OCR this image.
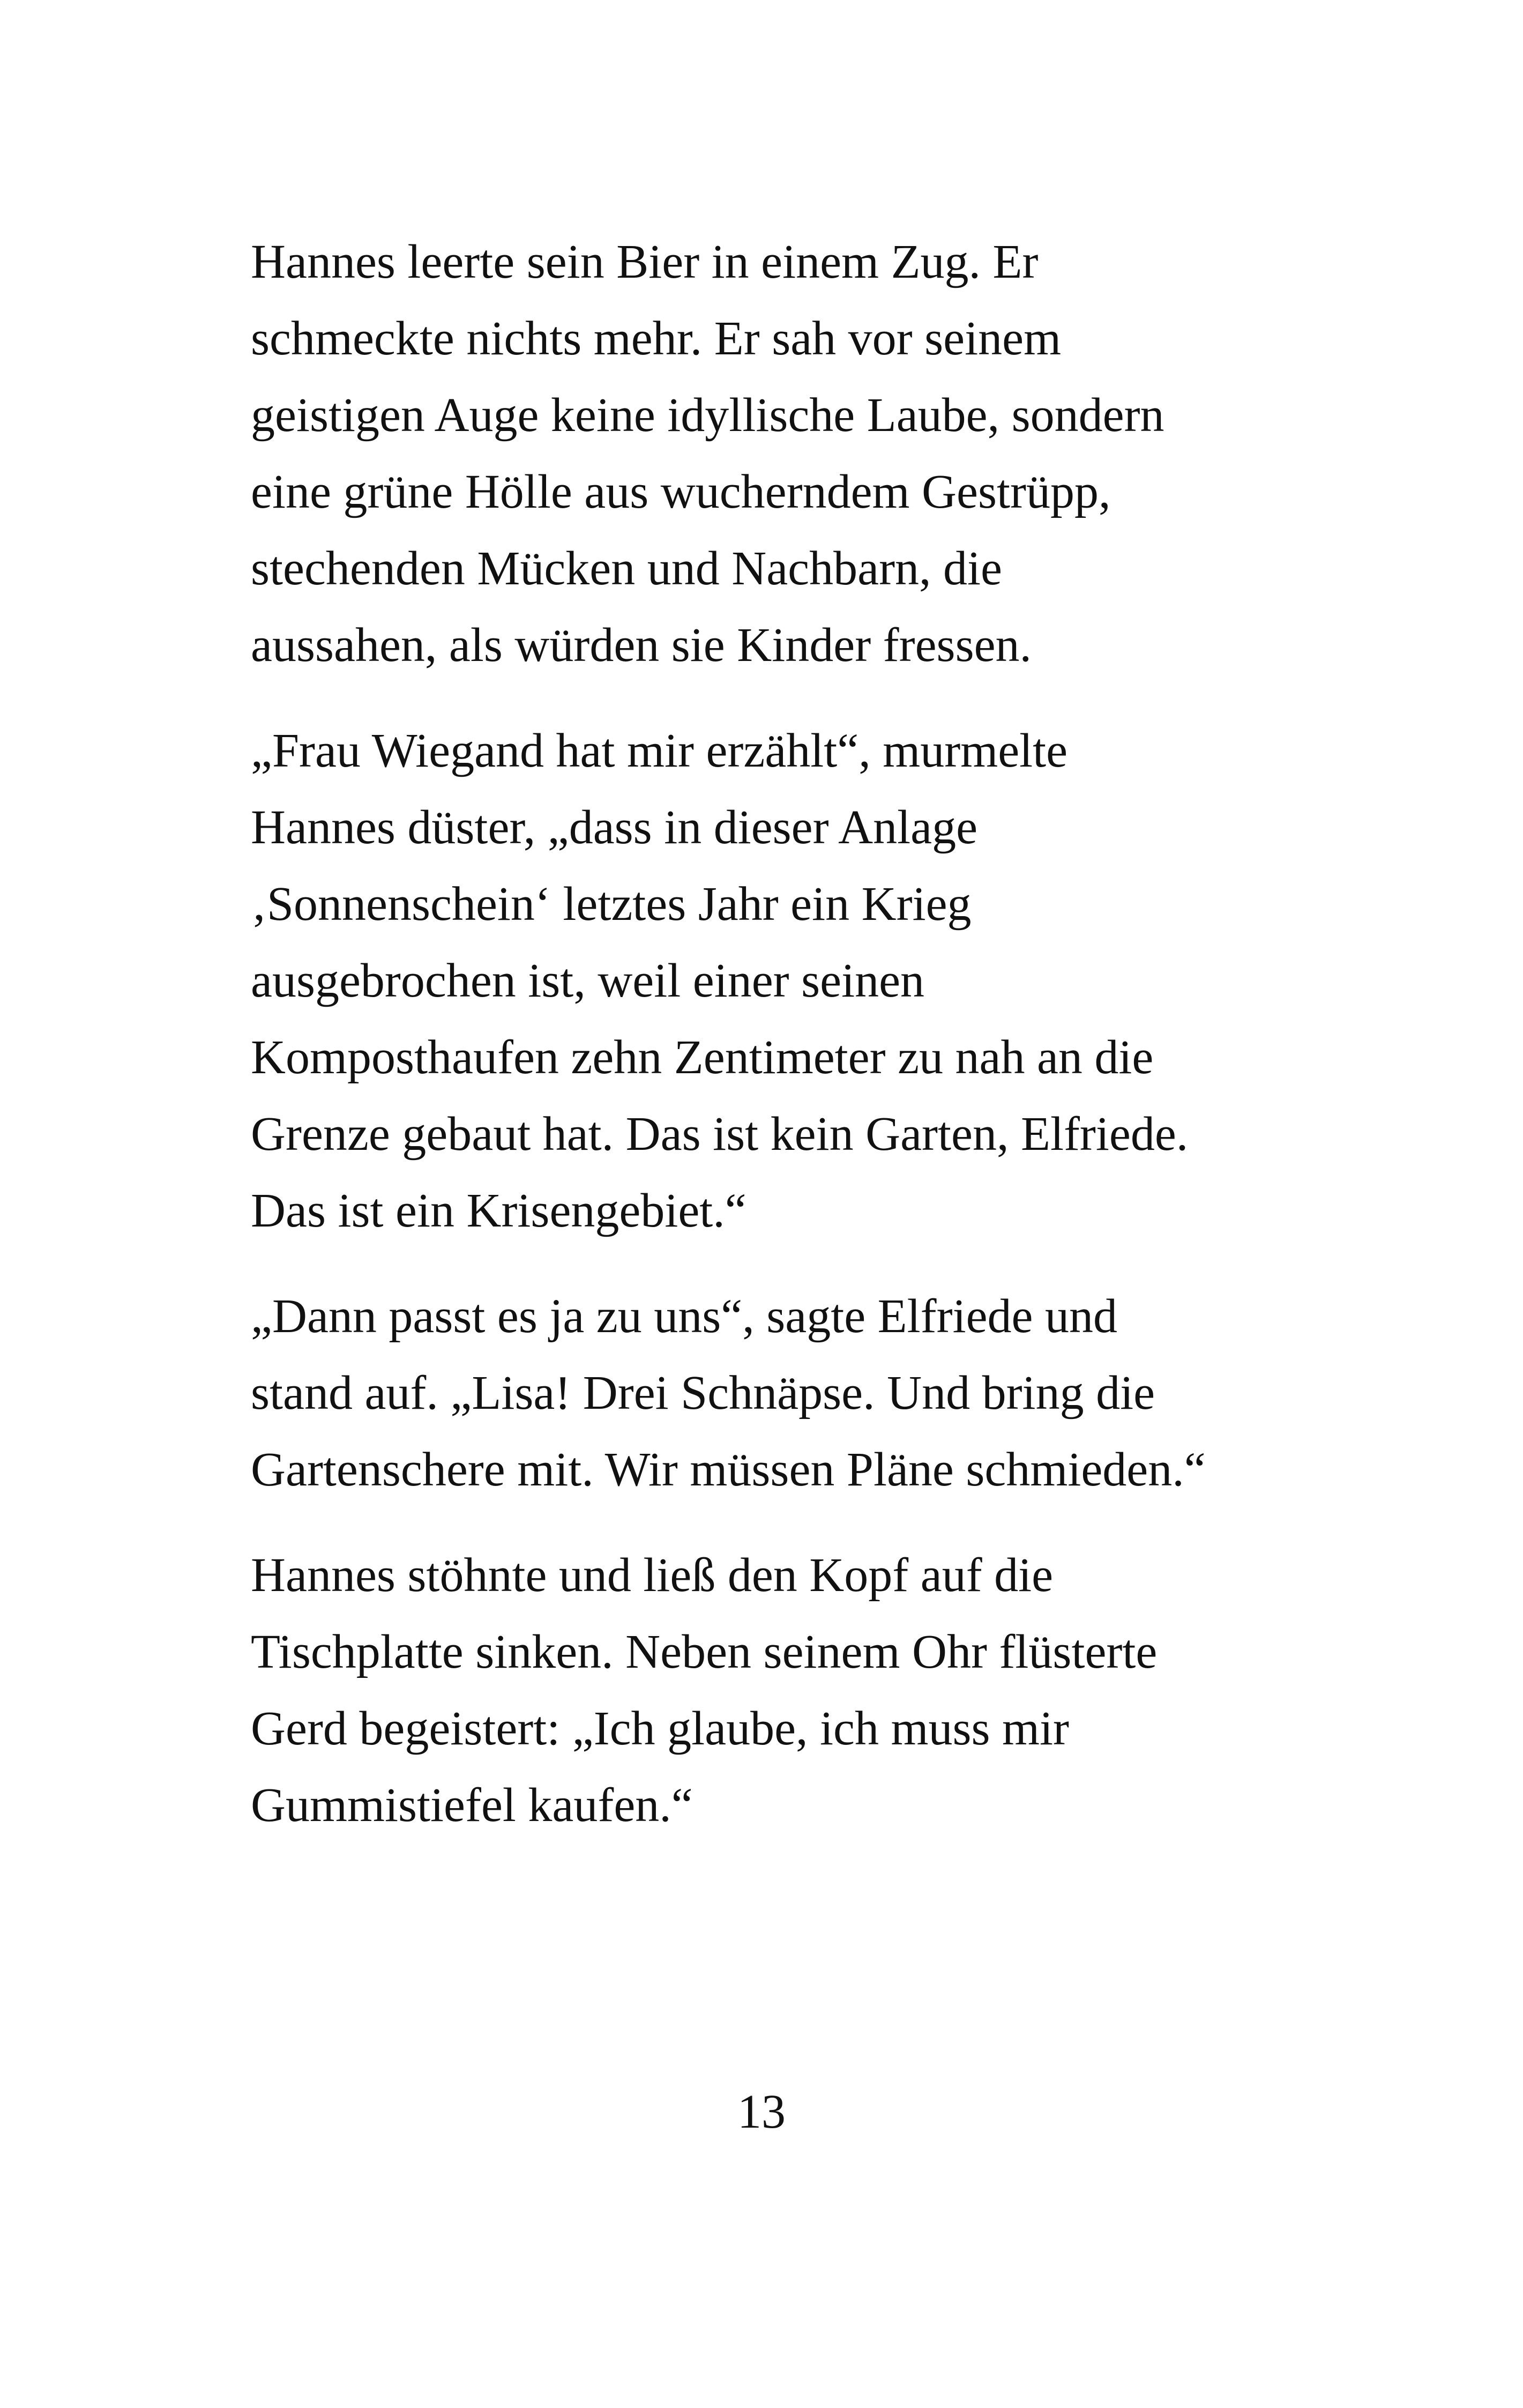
Hannes leerte sein Bier in einem Zug. Er
schmeckte nichts mehr. Er sah vor seinem
geistigen Auge keine idyllische Laube, sondern
eine grüne Hölle aus wucherndem Gestrüpp,
stechenden Mücken und Nachbarn, die
aussahen, als würden sie Kinder fressen.

„Frau Wiegand hat mir erzählt“, murmelte
Hannes düster, „dass in dieser Anlage
‚Sonnenschein‘ letztes Jahr ein Krieg
ausgebrochen ist, weil einer seinen
Komposthaufen zehn Zentimeter zu nah an die
Grenze gebaut hat. Das ist kein Garten, Elfriede.
Das ist ein Krisengebiet.“

„Dann passt es ja zu uns“, sagte Elfriede und
stand auf. „Lisa! Drei Schnäpse. Und bring die
Gartenschere mit. Wir müssen Pläne schmieden.“

Hannes stöhnte und ließ den Kopf auf die
Tischplatte sinken. Neben seinem Ohr flüsterte
Gerd begeistert: „Ich glaube, ich muss mir
Gummistiefel kaufen.“

13
